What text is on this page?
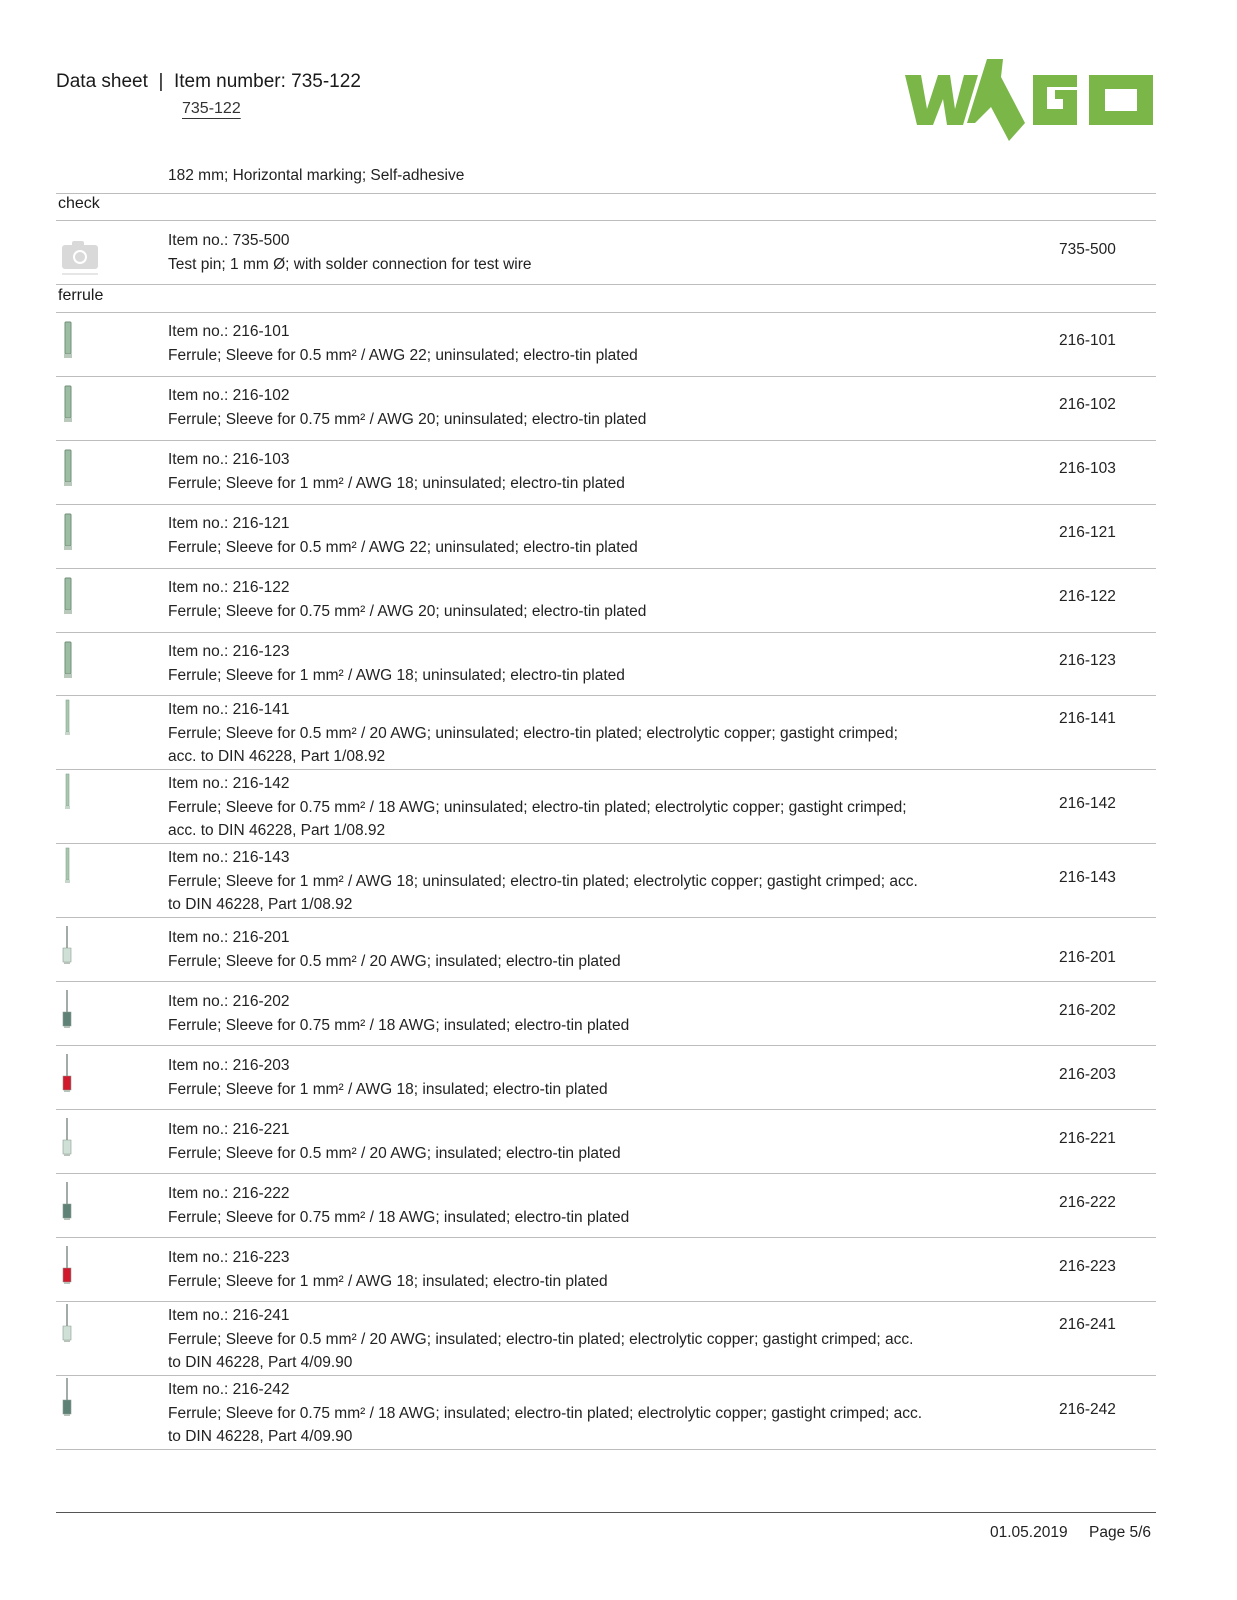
Data sheet  |  Item number: 735-122
735-122
WAGO
182 mm; Horizontal marking; Self-adhesive
check
Item no.: 735-500
Test pin; 1 mm Ø; with solder connection for test wire
735-500
ferrule
Item no.: 216-101
Ferrule; Sleeve for 0.5 mm² / AWG 22; uninsulated; electro-tin plated
216-101
Item no.: 216-102
Ferrule; Sleeve for 0.75 mm² / AWG 20; uninsulated; electro-tin plated
216-102
Item no.: 216-103
Ferrule; Sleeve for 1 mm² / AWG 18; uninsulated; electro-tin plated
216-103
Item no.: 216-121
Ferrule; Sleeve for 0.5 mm² / AWG 22; uninsulated; electro-tin plated
216-121
Item no.: 216-122
Ferrule; Sleeve for 0.75 mm² / AWG 20; uninsulated; electro-tin plated
216-122
Item no.: 216-123
Ferrule; Sleeve for 1 mm² / AWG 18; uninsulated; electro-tin plated
216-123
Item no.: 216-141
Ferrule; Sleeve for 0.5 mm² / 20 AWG; uninsulated; electro-tin plated; electrolytic copper; gastight crimped; acc. to DIN 46228, Part 1/08.92
216-141
Item no.: 216-142
Ferrule; Sleeve for 0.75 mm² / 18 AWG; uninsulated; electro-tin plated; electrolytic copper; gastight crimped; acc. to DIN 46228, Part 1/08.92
216-142
Item no.: 216-143
Ferrule; Sleeve for 1 mm² / AWG 18; uninsulated; electro-tin plated; electrolytic copper; gastight crimped; acc. to DIN 46228, Part 1/08.92
216-143
Item no.: 216-201
Ferrule; Sleeve for 0.5 mm² / 20 AWG; insulated; electro-tin plated	216-201
Item no.: 216-202
Ferrule; Sleeve for 0.75 mm² / 18 AWG; insulated; electro-tin plated
216-202
Item no.: 216-203
Ferrule; Sleeve for 1 mm² / AWG 18; insulated; electro-tin plated
216-203
Item no.: 216-221
Ferrule; Sleeve for 0.5 mm² / 20 AWG; insulated; electro-tin plated
216-221
Item no.: 216-222
Ferrule; Sleeve for 0.75 mm² / 18 AWG; insulated; electro-tin plated
216-222
Item no.: 216-223
Ferrule; Sleeve for 1 mm² / AWG 18; insulated; electro-tin plated
216-223
Item no.: 216-241
Ferrule; Sleeve for 0.5 mm² / 20 AWG; insulated; electro-tin plated; electrolytic copper; gastight crimped; acc. to DIN 46228, Part 4/09.90
216-241
Item no.: 216-242
Ferrule; Sleeve for 0.75 mm² / 18 AWG; insulated; electro-tin plated; electrolytic copper; gastight crimped; acc. to DIN 46228, Part 4/09.90
216-242
01.05.2019 Page 5/6
